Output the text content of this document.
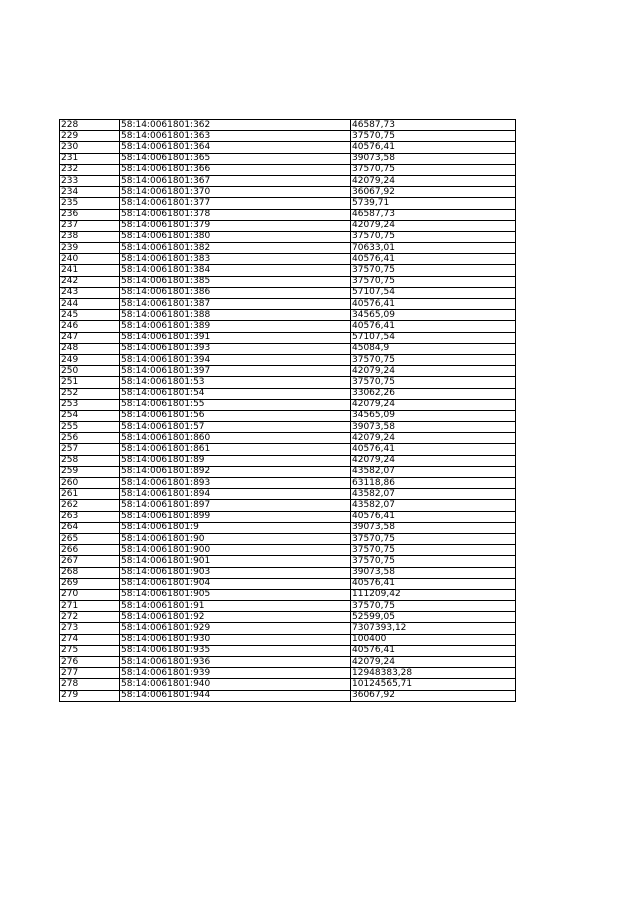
228	58:14:0061801:362	46587,73
229	58:14:0061801:363	37570,75
230	58:14:0061801:364	40576,41
231	58:14:0061801:365	39073,58
232	58:14:0061801:366	37570,75
233	58:14:0061801:367	42079,24
234	58:14:0061801:370	36067,92
235	58:14:0061801:377	5739,71
236	58:14:0061801:378	46587,73
237	58:14:0061801:379	42079,24
238	58:14:0061801:380	37570,75
239	58:14:0061801:382	70633,01
240	58:14:0061801:383	40576,41
241	58:14:0061801:384	37570,75
242	58:14:0061801:385	37570,75
243	58:14:0061801:386	57107,54
244	58:14:0061801:387	40576,41
245	58:14:0061801:388	34565,09
246	58:14:0061801:389	40576,41
247	58:14:0061801:391	57107,54
248	58:14:0061801:393	45084,9
249	58:14:0061801:394	37570,75
250	58:14:0061801:397	42079,24
251	58:14:0061801:53	37570,75
252	58:14:0061801:54	33062,26
253	58:14:0061801:55	42079,24
254	58:14:0061801:56	34565,09
255	58:14:0061801:57	39073,58
256	58:14:0061801:860	42079,24
257	58:14:0061801:861	40576,41
258	58:14:0061801:89	42079,24
259	58:14:0061801:892	43582,07
260	58:14:0061801:893	63118,86
261	58:14:0061801:894	43582,07
262	58:14:0061801:897	43582,07
263	58:14:0061801:899	40576,41
264	58:14:0061801:9	39073,58
265	58:14:0061801:90	37570,75
266	58:14:0061801:900	37570,75
267	58:14:0061801:901	37570,75
268	58:14:0061801:903	39073,58
269	58:14:0061801:904	40576,41
270	58:14:0061801:905	111209,42
271	58:14:0061801:91	37570,75
272	58:14:0061801:92	52599,05
273	58:14:0061801:929	7307393,12
274	58:14:0061801:930	100400
275	58:14:0061801:935	40576,41
276	58:14:0061801:936	42079,24
277	58:14:0061801:939	12948383,28
278	58:14:0061801:940	10124565,71
279	58:14:0061801:944	36067,92
